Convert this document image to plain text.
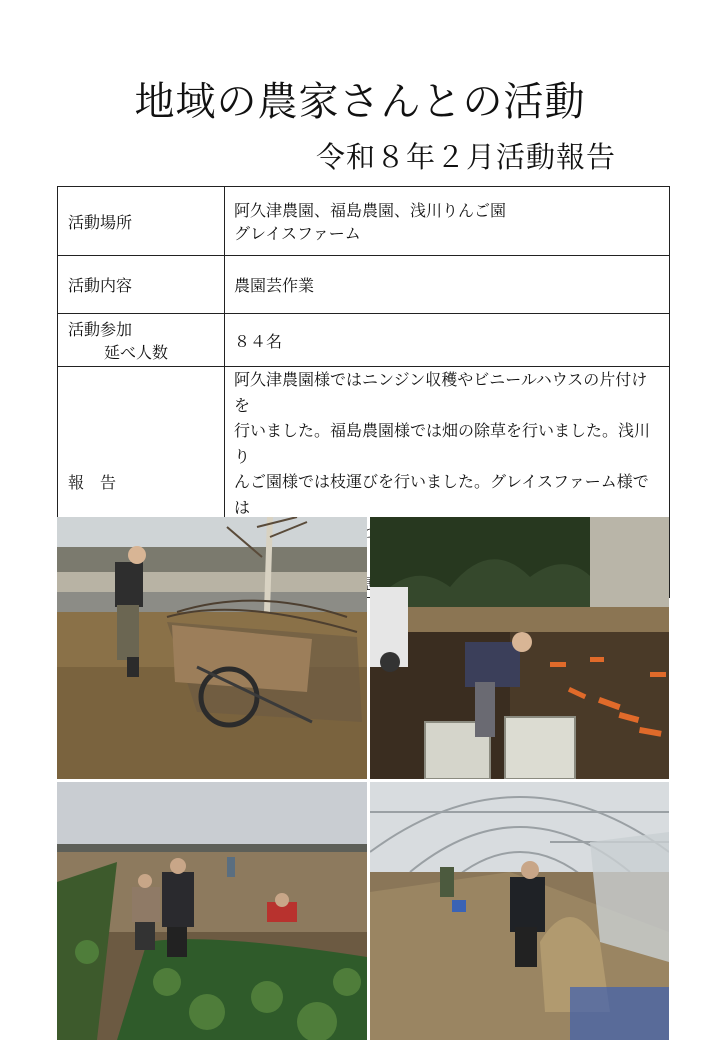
地域の農家さんとの活動
令和８年２月活動報告
活動場所	阿久津農園、福島農園、浅川りんご園
グレイスファーム

活動内容	農園芸作業
活動参加
延べ人数	８４名
報　告	阿久津農園様ではニンジン収穫やビニールハウスの片付けを
行いました。福島農園様では畑の除草を行いました。浅川り
んご園様では枝運びを行いました。グレイスファーム様では
